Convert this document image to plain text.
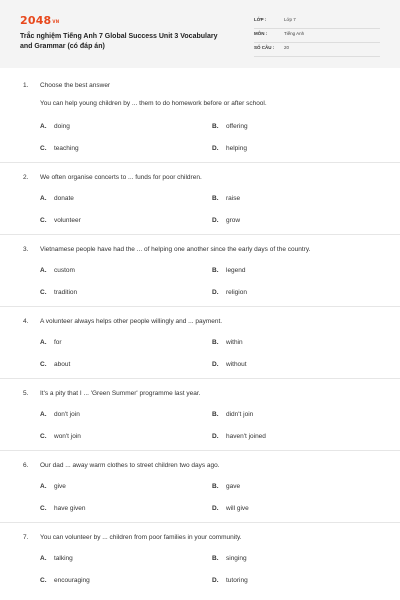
2048VN
Trắc nghiệm Tiếng Anh 7 Global Success Unit 3 Vocabulary and Grammar (có đáp án)
LỚP :	Lớp 7
MÔN :	Tiếng Anh
SỐ CÂU : 20
1. Choose the best answer
You can help young children by ... them to do homework before or after school.
A. doing	B. offering
C. teaching	D. helping
2. We often organise concerts to ... funds for poor children.
A. donate	B. raise
C. volunteer	D. grow
3. Vietnamese people have had the ... of helping one another since the early days of the country.
A. custom	B. legend
C. tradition	D. religion
4. A volunteer always helps other people willingly and ... payment.
A. for	B. within
C. about	D. without
5. It's a pity that I ... 'Green Summer' programme last year.
A. don't join	B. didn't join
C. won't join	D. haven't joined
6. Our dad ... away warm clothes to street children two days ago.
A. give	B. gave
C. have given	D. will give
7. You can volunteer by ... children from poor families in your community.
A. talking	B. singing
C. encouraging	D. tutoring
